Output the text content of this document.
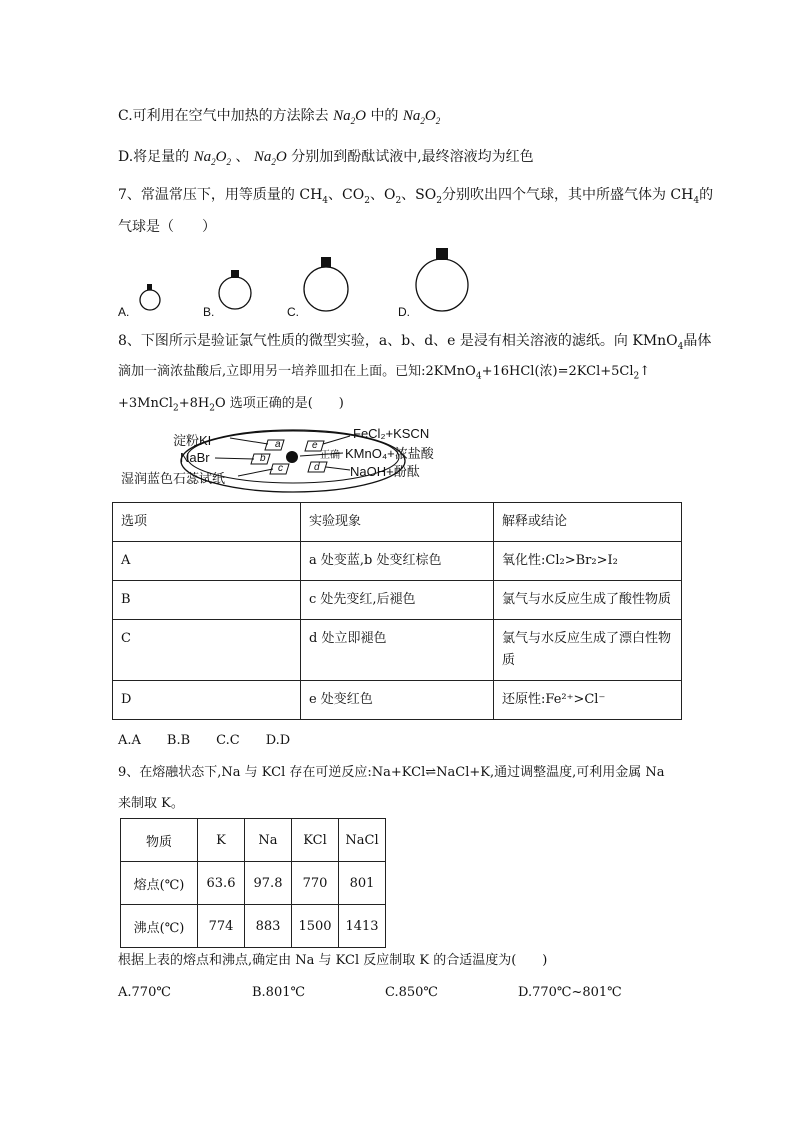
C.可利用在空气中加热的方法除去 $Na_2O$ 中的 $Na_2O_2$
D.将足量的 $Na_2O_2$ 、 $Na_2O$ 分别加到酚酞试液中,最终溶液均为红色
7、常温常压下，用等质量的 $CH_4$、$CO_2$、$O_2$、$SO_2$分别吹出四个气球，其中所盛气体为 $CH_4$的
气球是（　　）
A.	B.	C.	D.
8、下图所示是验证氯气性质的微型实验，a、b、d、e 是浸有相关溶液的滤纸。向 KMnO$_4$晶体
滴加一滴浓盐酸后,立即用另一培养皿扣在上面。已知:2KMnO$_4$+16HCl(浓)$=2KCl+5Cl_2↑$
$+3MnCl_2+8H_2O$ 选项正确的是(　　)
淀粉KI
NaBr
湿润蓝色石蕊试纸
FeCl₂+KSCN
KMnO₄+浓盐酸
NaOH+酚酞
a
b
c	d
e
正确
选项	实验现象	解释或结论
A	a 处变蓝,b 处变红棕色	氧化性:Cl₂>Br₂>I₂
B	c 处先变红,后褪色	氯气与水反应生成了酸性物质
C	d 处立即褪色	氯气与水反应生成了漂白性物质
D	e 处变红色	还原性:Fe²⁺>Cl⁻
A.A　　B.B　　C.C　　D.D
9、在熔融状态下,Na 与 KCl 存在可逆反应:Na+KCl⇌NaCl+K,通过调整温度,可利用金属 Na
来制取 K。
物质	K	Na	KCl	NaCl
熔点(℃)	63.6	97.8	770	801
沸点(℃)	774	883	1500	1413
根据上表的熔点和沸点,确定由 Na 与 KCl 反应制取 K 的合适温度为(　　)
A.770℃	B.801℃	C.850℃	D.770℃~801℃
